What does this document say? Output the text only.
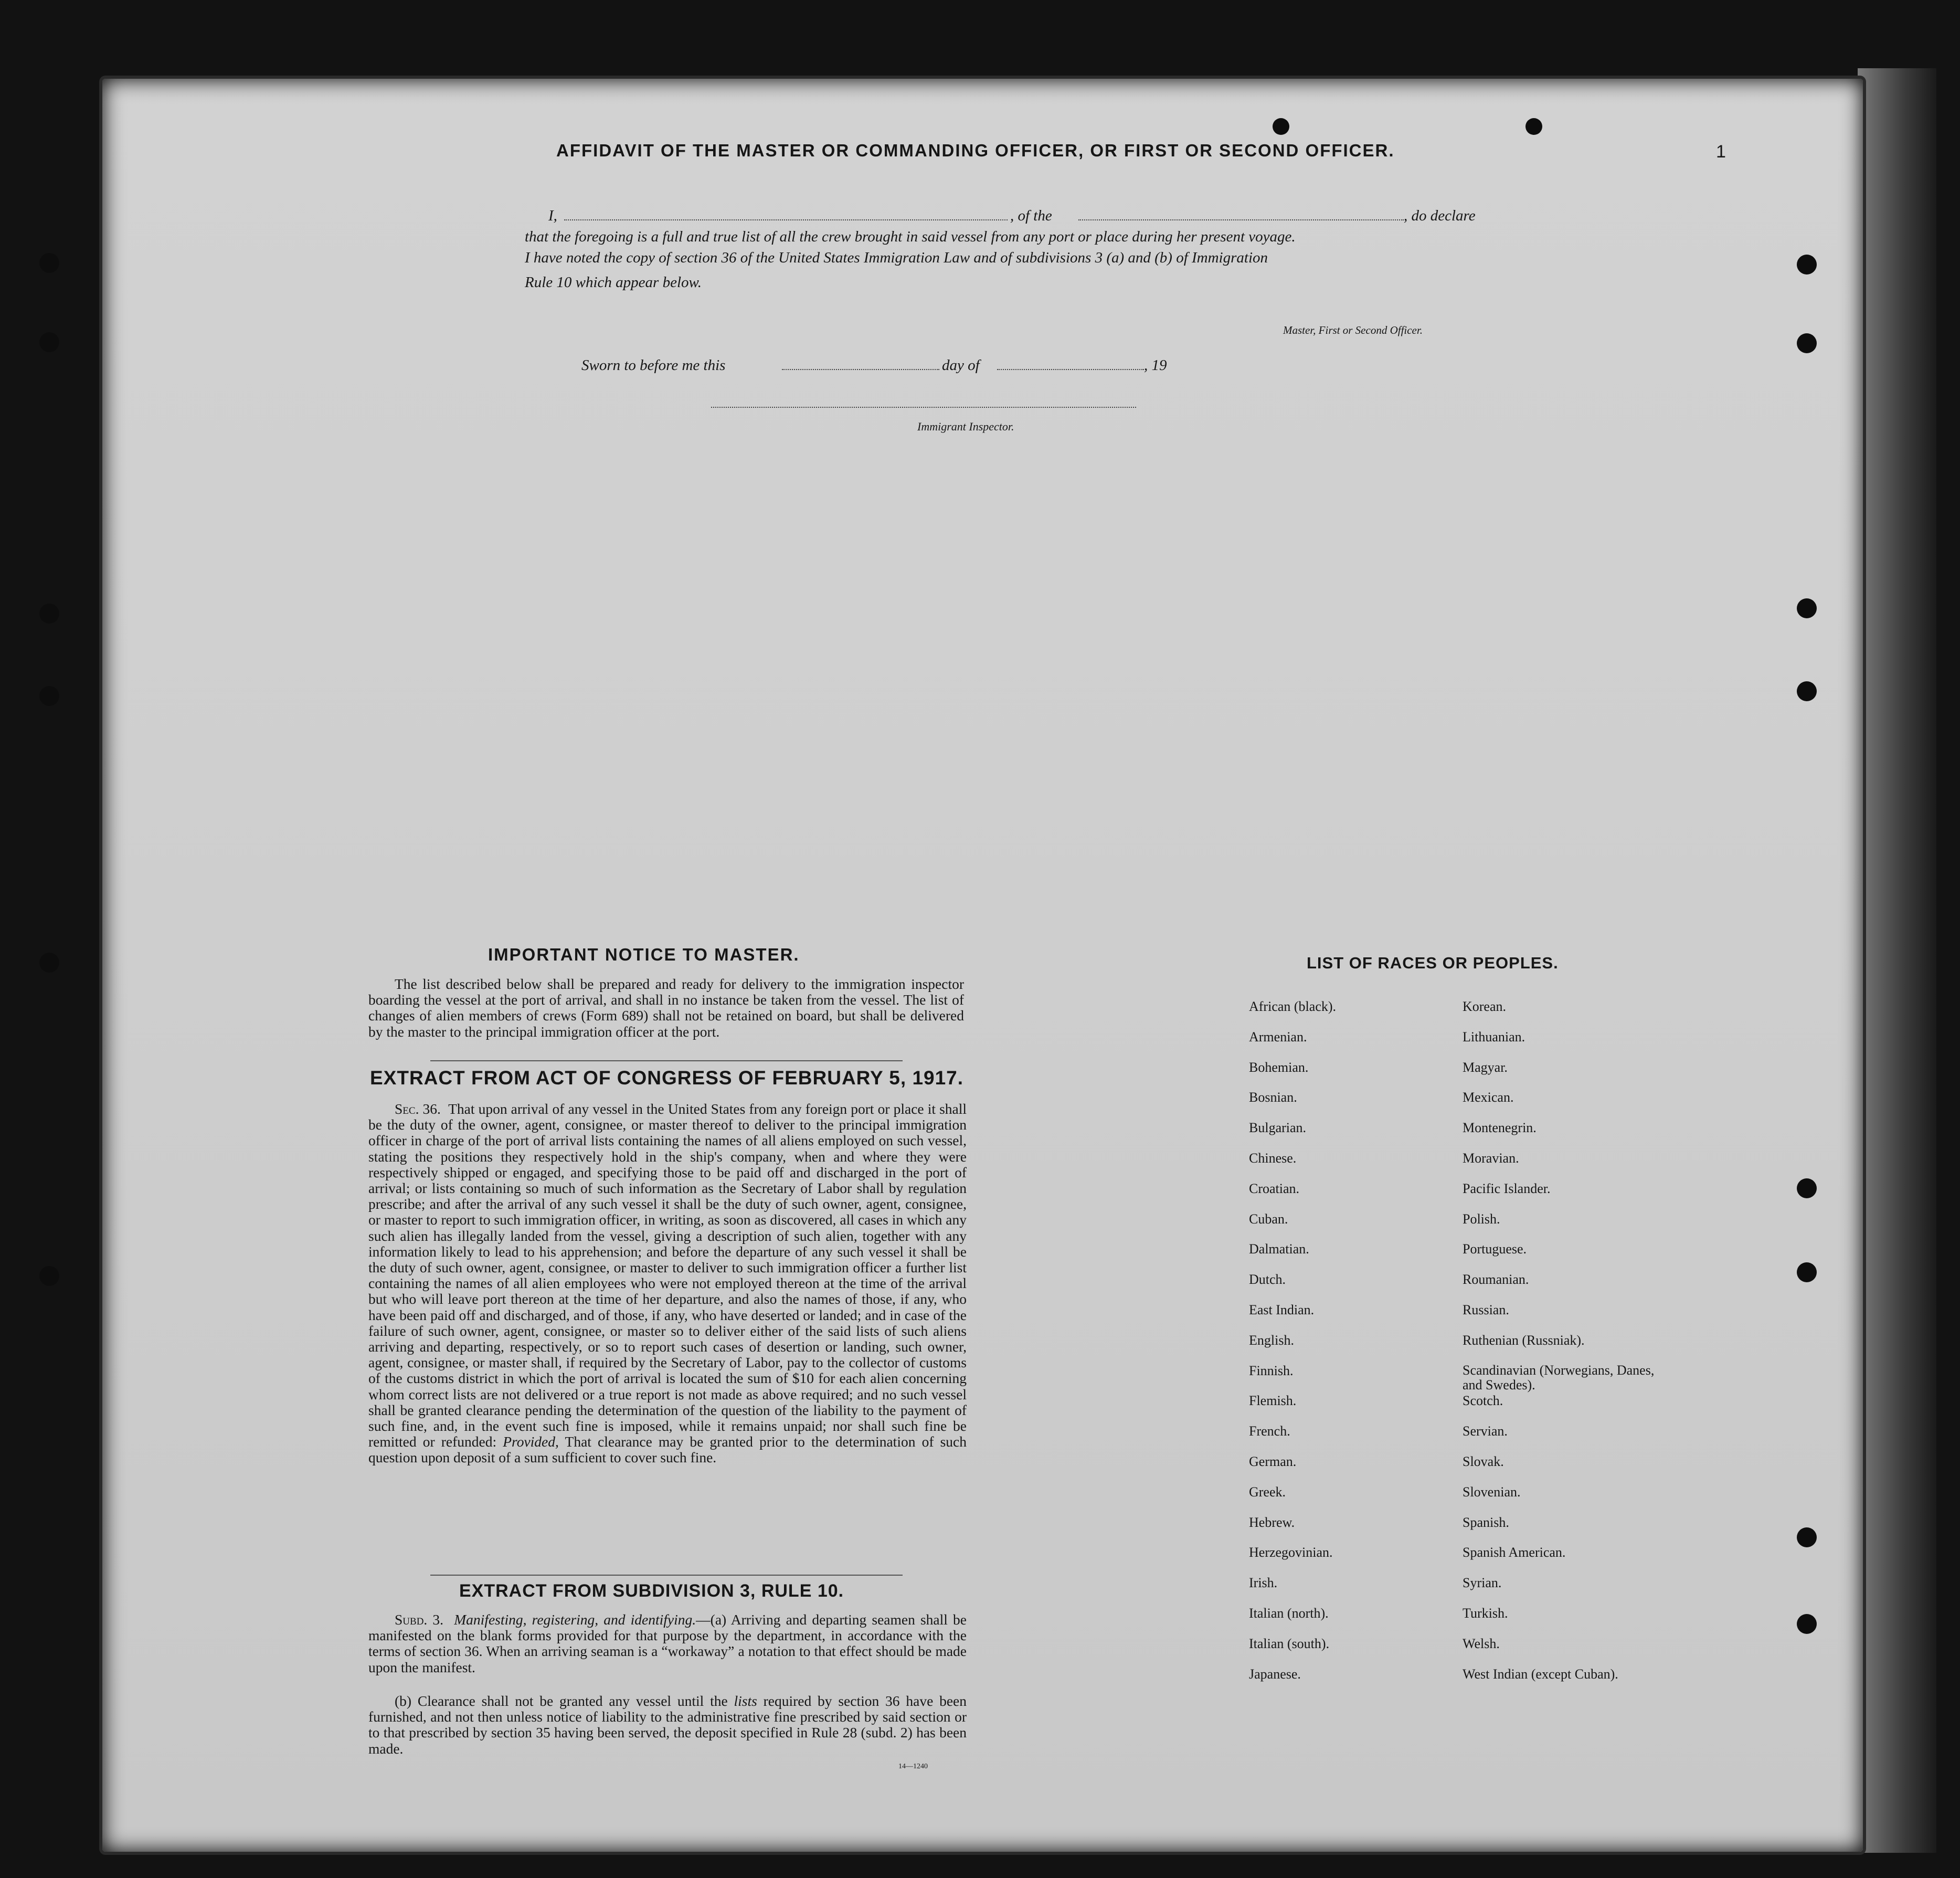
AFFIDAVIT OF THE MASTER OR COMMANDING OFFICER, OR FIRST OR SECOND OFFICER.	1
I,	, of the	, do declare
that the foregoing is a full and true list of all the crew brought in said vessel from any port or place during her present voyage.
I have noted the copy of section 36 of the United States Immigration Law and of subdivisions 3 (a) and (b) of Immigration
Rule 10 which appear below.
Master, First or Second Officer.
Sworn to before me this	day of	, 19
Immigrant Inspector.
IMPORTANT NOTICE TO MASTER.
The list described below shall be prepared and ready for delivery to the immigration inspector boarding the vessel at the port of arrival, and shall in no instance be taken from the vessel. The list of changes of alien members of crews (Form 689) shall not be retained on board, but shall be delivered by the master to the principal immigration officer at the port.
EXTRACT FROM ACT OF CONGRESS OF FEBRUARY 5, 1917.
Sec. 36. That upon arrival of any vessel in the United States from any foreign port or place it shall be the duty of the owner, agent, consignee, or master thereof to deliver to the principal immigration officer in charge of the port of arrival lists containing the names of all aliens employed on such vessel, stating the positions they respectively hold in the ship's company, when and where they were respectively shipped or engaged, and specifying those to be paid off and discharged in the port of arrival; or lists containing so much of such information as the Secretary of Labor shall by regulation prescribe; and after the arrival of any such vessel it shall be the duty of such owner, agent, consignee, or master to report to such immigration officer, in writing, as soon as discovered, all cases in which any such alien has illegally landed from the vessel, giving a description of such alien, together with any information likely to lead to his apprehension; and before the departure of any such vessel it shall be the duty of such owner, agent, consignee, or master to deliver to such immigration officer a further list containing the names of all alien employees who were not employed thereon at the time of the arrival but who will leave port thereon at the time of her departure, and also the names of those, if any, who have been paid off and discharged, and of those, if any, who have deserted or landed; and in case of the failure of such owner, agent, consignee, or master so to deliver either of the said lists of such aliens arriving and departing, respectively, or so to report such cases of desertion or landing, such owner, agent, consignee, or master shall, if required by the Secretary of Labor, pay to the collector of customs of the customs district in which the port of arrival is located the sum of $10 for each alien concerning whom correct lists are not delivered or a true report is not made as above required; and no such vessel shall be granted clearance pending the determination of the question of the liability to the payment of such fine, and, in the event such fine is imposed, while it remains unpaid; nor shall such fine be remitted or refunded: Provided, That clearance may be granted prior to the determination of such question upon deposit of a sum sufficient to cover such fine.
EXTRACT FROM SUBDIVISION 3, RULE 10.
Subd. 3. Manifesting, registering, and identifying.—(a) Arriving and departing seamen shall be manifested on the blank forms provided for that purpose by the department, in accordance with the terms of section 36. When an arriving seaman is a “workaway” a notation to that effect should be made upon the manifest.
(b) Clearance shall not be granted any vessel until the lists required by section 36 have been furnished, and not then unless notice of liability to the administrative fine prescribed by said section or to that prescribed by section 35 having been served, the deposit specified in Rule 28 (subd. 2) has been made.
14—1240
LIST OF RACES OR PEOPLES.
African (black).
Armenian.
Bohemian.
Bosnian.
Bulgarian.
Chinese.
Croatian.
Cuban.
Dalmatian.
Dutch.
East Indian.
English.
Finnish.
Flemish.
French.
German.
Greek.
Hebrew.
Herzegovinian.
Irish.
Italian (north).
Italian (south).
Japanese.
Korean.
Lithuanian.
Magyar.
Mexican.
Montenegrin.
Moravian.
Pacific Islander.
Polish.
Portuguese.
Roumanian.
Russian.
Ruthenian (Russniak).
Scandinavian (Norwegians, Danes, and Swedes).
Scotch.
Servian.
Slovak.
Slovenian.
Spanish.
Spanish American.
Syrian.
Turkish.
Welsh.
West Indian (except Cuban).
